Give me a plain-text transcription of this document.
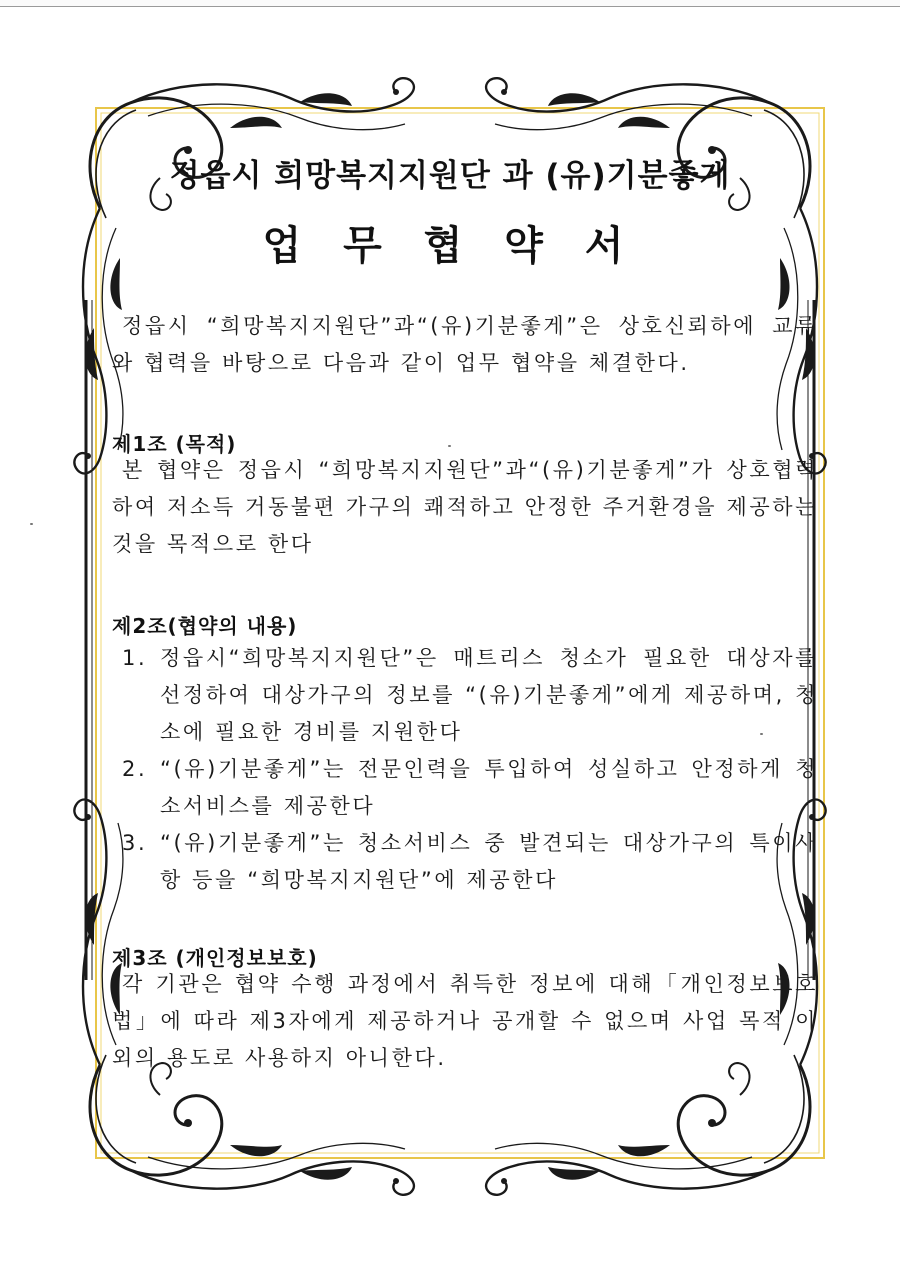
정읍시 희망복지지원단 과 (유)기분좋게
업 무 협 약 서

정읍시 “희망복지지원단”과“(유)기분좋게”은 상호신뢰하에 교류와 협력을 바탕으로 다음과 같이 업무 협약을 체결한다.

제1조 (목적)

본 협약은 정읍시 “희망복지지원단”과“(유)기분좋게”가 상호협력하여 저소득 거동불편 가구의 쾌적하고 안정한 주거환경을 제공하는 것을 목적으로 한다

제2조(협약의 내용)
1. 정읍시“희망복지지원단”은 매트리스 청소가 필요한 대상자를 선정하여 대상가구의 정보를 “(유)기분좋게”에게 제공하며, 청소에 필요한 경비를 지원한다
2. “(유)기분좋게”는 전문인력을 투입하여 성실하고 안정하게 청소서비스를 제공한다
3. “(유)기분좋게”는 청소서비스 중 발견되는 대상가구의 특이사항 등을 “희망복지지원단”에 제공한다
제3조 (개인정보보호)

각 기관은 협약 수행 과정에서 취득한 정보에 대해「개인정보보호법」에 따라 제3자에게 제공하거나 공개할 수 없으며 사업 목적 이외의 용도로 사용하지 아니한다.
